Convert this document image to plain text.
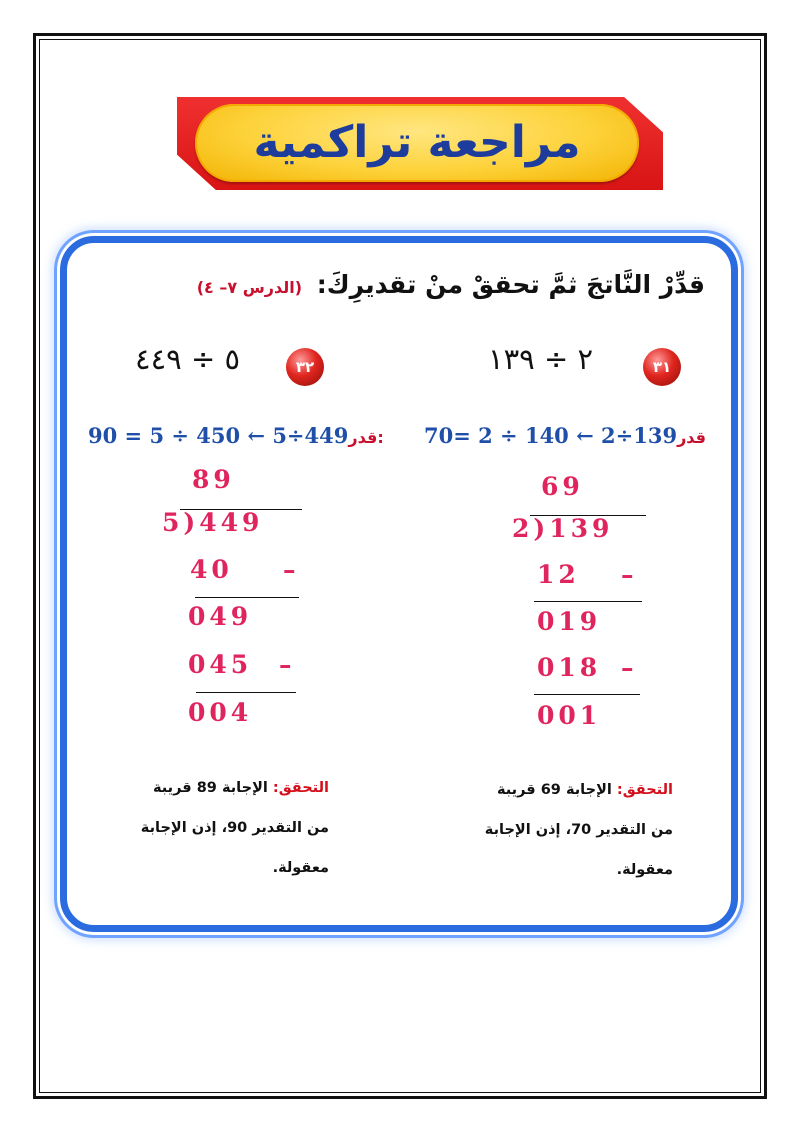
مراجعة تراكمية
قدِّرْ النَّاتجَ ثمَّ تحققْ منْ تقديرِكَ: (الدرس ٧– ٤)
٣١
٢ ÷ ١٣٩
70= 2 ÷ 140 ← 2÷139قدر
69
2)139
12 –
019
018 –
001
التحقق: الإجابة 69 قريبة
من التقدير 70، إذن الإجابة
معقولة.
٣٢
٥ ÷ ٤٤٩
90 = 5 ÷ 450 ← 5÷449قدر:
89
5)449
40 –
049
045 –
004
التحقق: الإجابة 89 قريبة
من التقدير 90، إذن الإجابة
معقولة.
